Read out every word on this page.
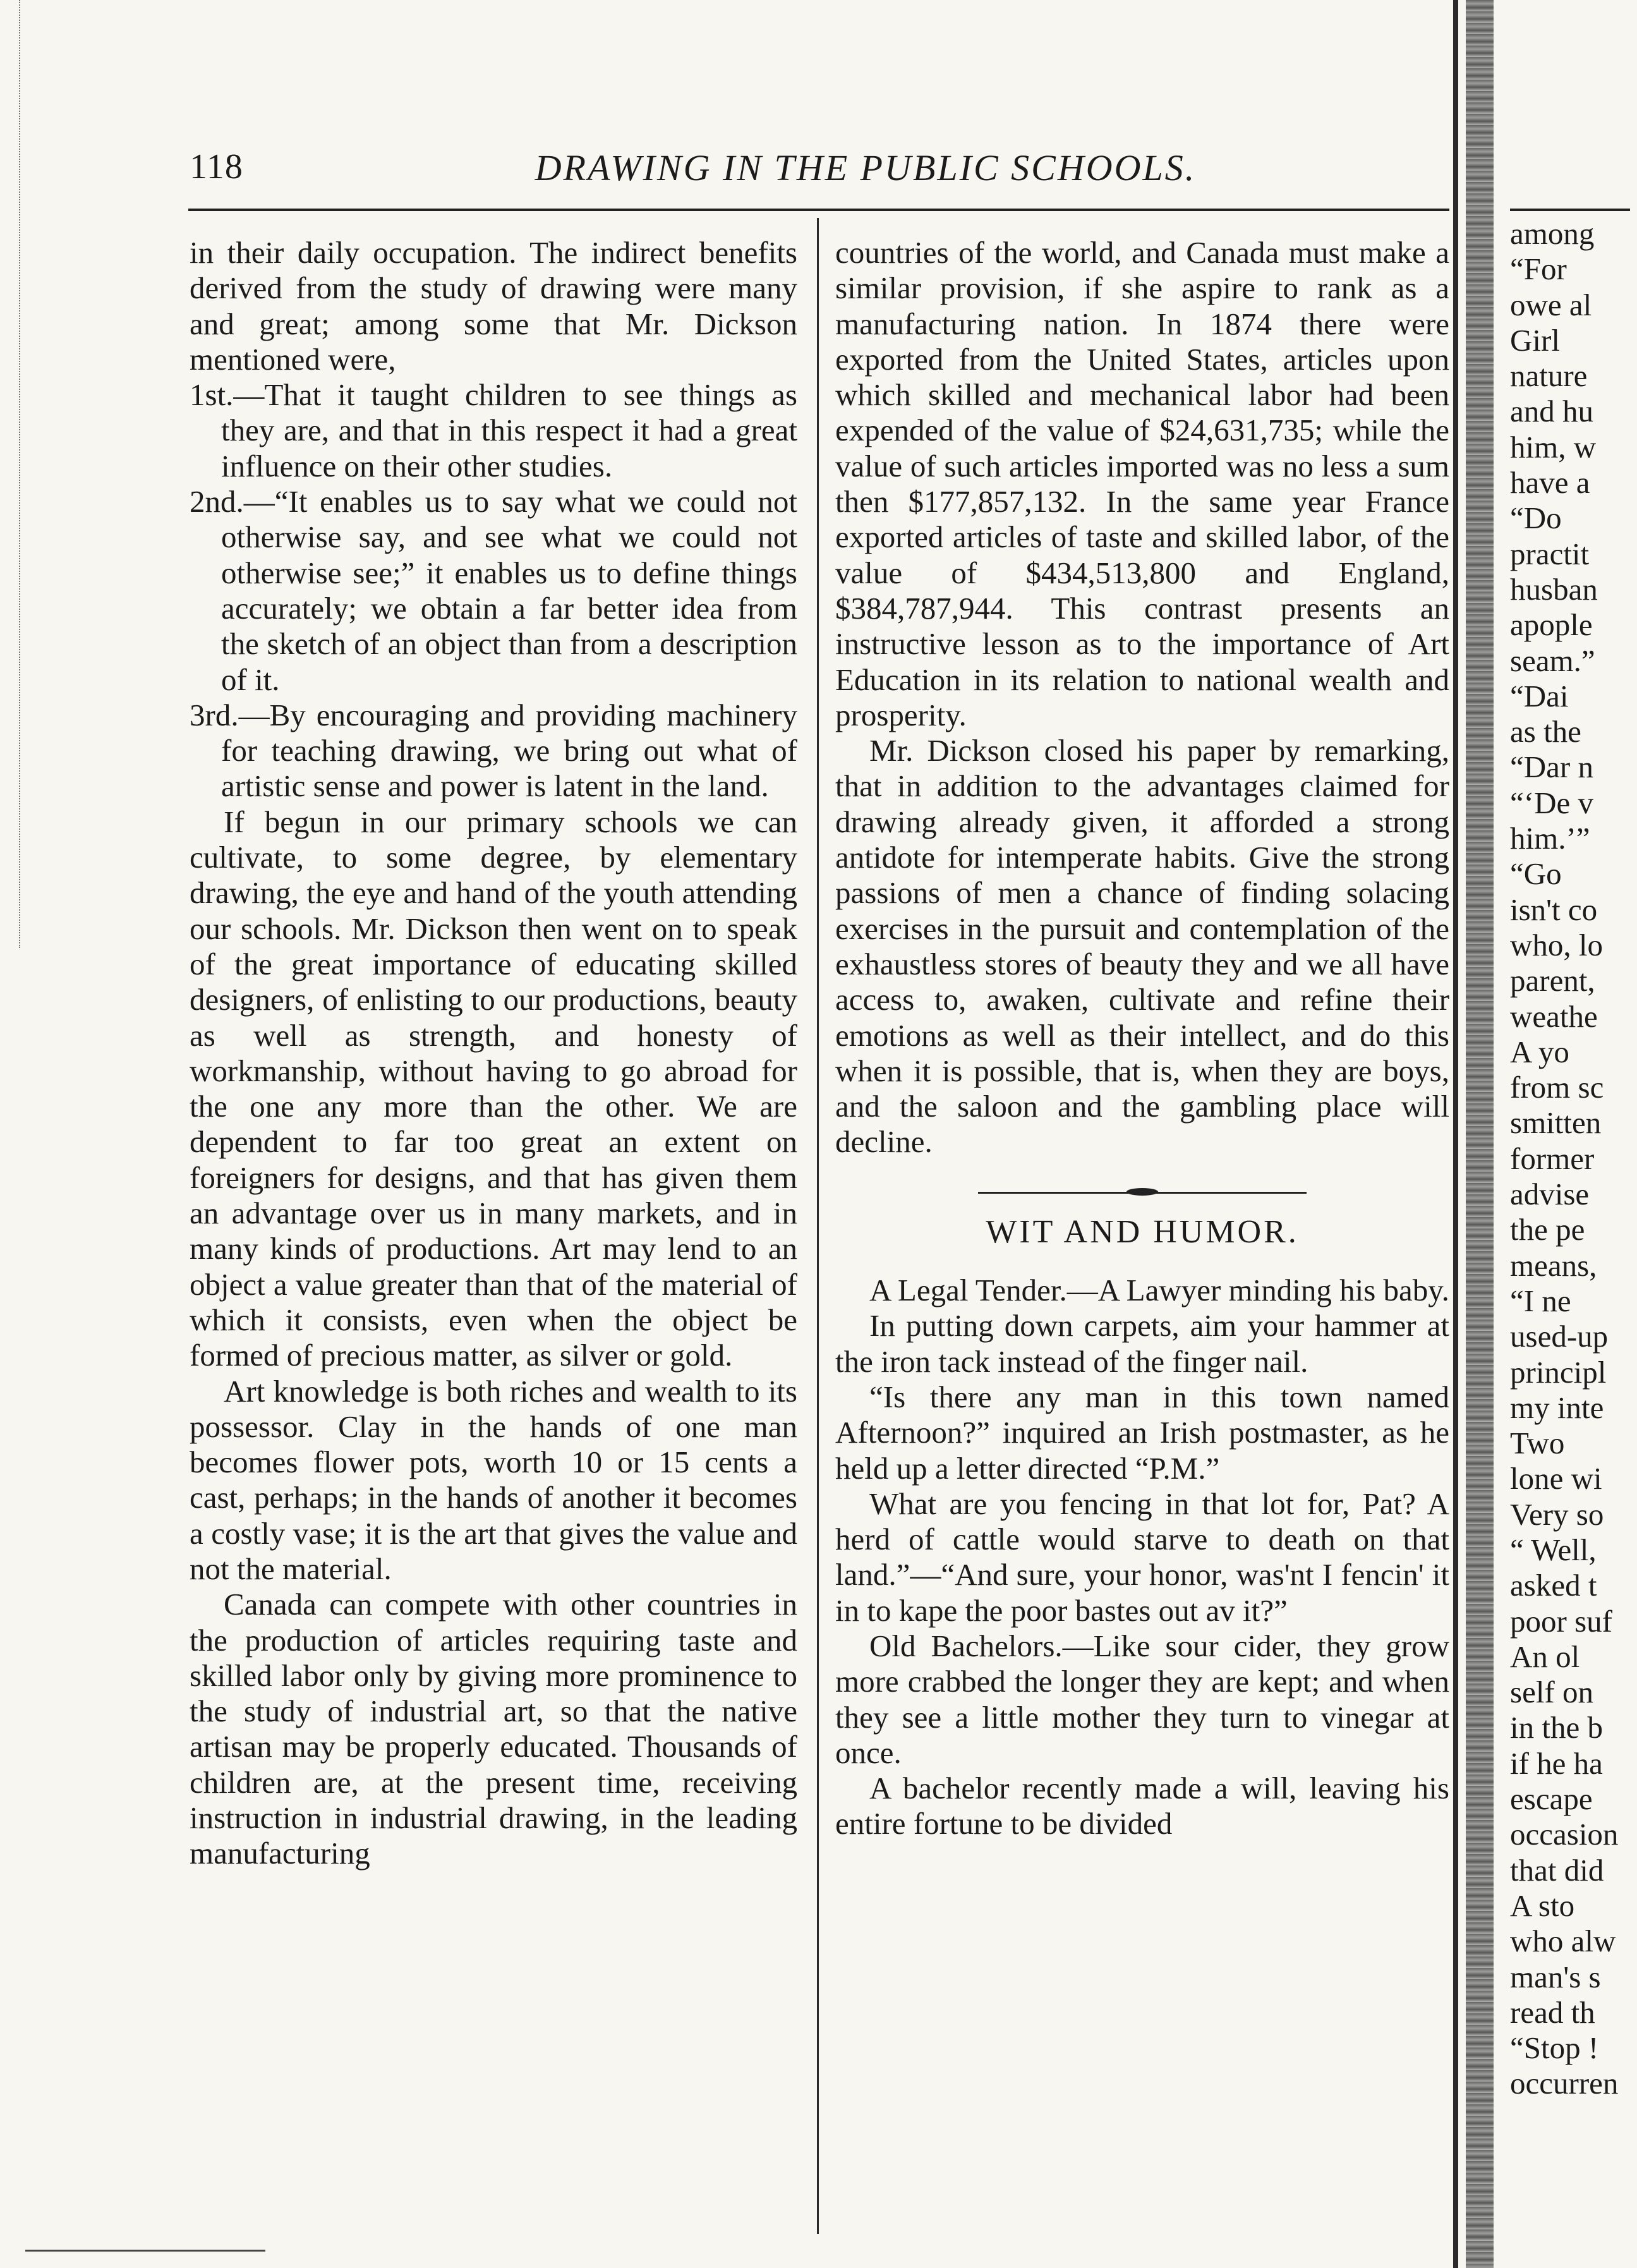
118	DRAWING IN THE PUBLIC SCHOOLS.

in their daily occupation. The indirect benefits derived from the study of drawing were many and great; among some that Mr. Dickson mentioned were,

1st.—That it taught children to see things as they are, and that in this respect it had a great influence on their other studies.
2nd.—“It enables us to say what we could not otherwise say, and see what we could not otherwise see;” it enables us to define things accurately; we obtain a far better idea from the sketch of an object than from a description of it.
3rd.—By encouraging and providing machinery for teaching drawing, we bring out what of artistic sense and power is latent in the land.

If begun in our primary schools we can cultivate, to some degree, by elementary drawing, the eye and hand of the youth attending our schools. Mr. Dickson then went on to speak of the great importance of educating skilled designers, of enlisting to our productions, beauty as well as strength, and honesty of workmanship, without having to go abroad for the one any more than the other. We are dependent to far too great an extent on foreigners for designs, and that has given them an advantage over us in many markets, and in many kinds of productions. Art may lend to an object a value greater than that of the material of which it consists, even when the object be formed of precious matter, as silver or gold.

Art knowledge is both riches and wealth to its possessor. Clay in the hands of one man becomes flower pots, worth 10 or 15 cents a cast, perhaps; in the hands of another it becomes a costly vase; it is the art that gives the value and not the material.

Canada can compete with other countries in the production of articles requiring taste and skilled labor only by giving more prominence to the study of industrial art, so that the native artisan may be properly educated. Thousands of children are, at the present time, receiving instruction in industrial drawing, in the leading manufacturing

countries of the world, and Canada must make a similar provision, if she aspire to rank as a manufacturing nation. In 1874 there were exported from the United States, articles upon which skilled and mechanical labor had been expended of the value of $24,631,735; while the value of such articles imported was no less a sum then $177,857,132. In the same year France exported articles of taste and skilled labor, of the value of $434,513,800 and England, $384,787,944. This contrast presents an instructive lesson as to the importance of Art Education in its relation to national wealth and prosperity.

Mr. Dickson closed his paper by remarking, that in addition to the advantages claimed for drawing already given, it afforded a strong antidote for intemperate habits. Give the strong passions of men a chance of finding solacing exercises in the pursuit and contemplation of the exhaustless stores of beauty they and we all have access to, awaken, cultivate and refine their emotions as well as their intellect, and do this when it is possible, that is, when they are boys, and the saloon and the gambling place will decline.

WIT AND HUMOR.

A Legal Tender.—A Lawyer minding his baby.

In putting down carpets, aim your hammer at the iron tack instead of the finger nail.

“Is there any man in this town named Afternoon?” inquired an Irish postmaster, as he held up a letter directed “P.M.”

What are you fencing in that lot for, Pat? A herd of cattle would starve to death on that land.”—“And sure, your honor, was'nt I fencin' it in to kape the poor bastes out av it?”

Old Bachelors.—Like sour cider, they grow more crabbed the longer they are kept; and when they see a little mother they turn to vinegar at once.

A bachelor recently made a will, leaving his entire fortune to be divided

among
“For
owe al
Girl
nature
and hu
him, w
have a
“Do
practit
husban
apople
seam.”
“Dai
as the
“Dar n
“‘De v
him.’”
“Go
isn't co
who, lo
parent,
weathe
A yo
from sc
smitten
former
advise
the pe
means,
“I ne
used-up
principl
my inte
Two
lone wi
Very so
“ Well,
asked t
poor suf
An ol
self on
in the b
if he ha
escape
occasion
that did
A sto
who alw
man's s
read th
“Stop !
occurren
